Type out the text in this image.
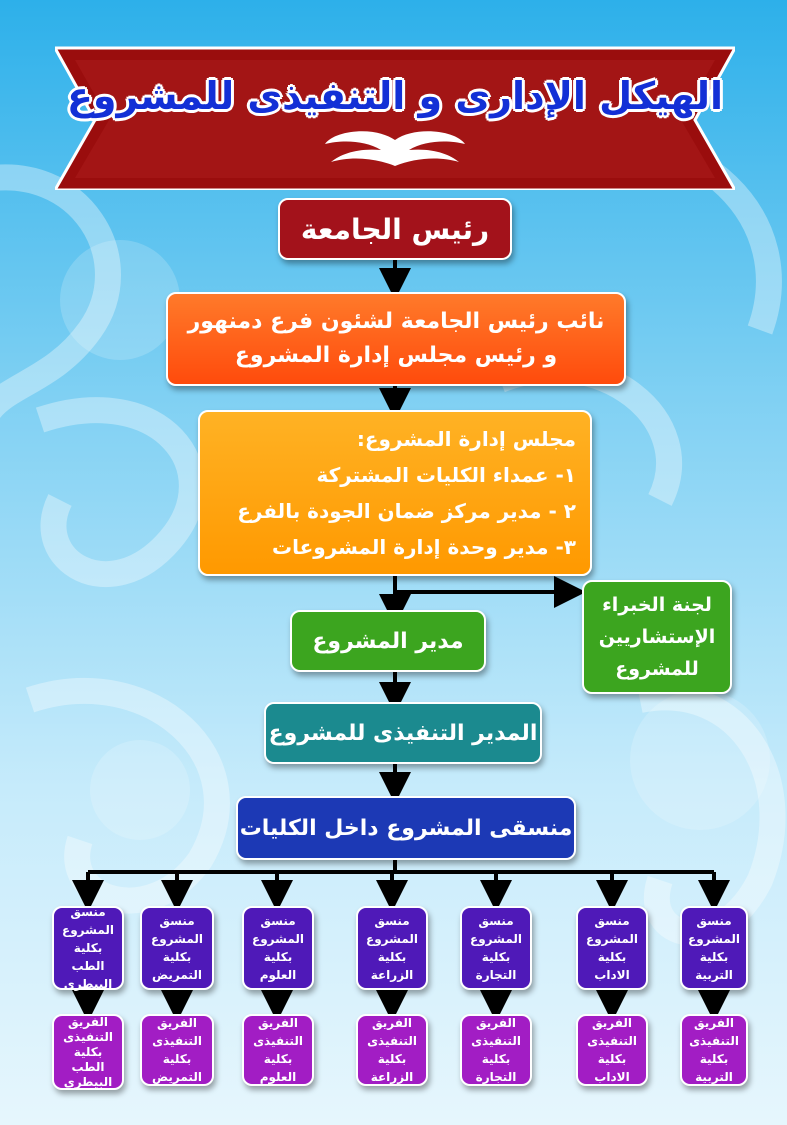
الهيكل الإدارى و التنفيذى للمشروع
رئيس الجامعة
نائب رئيس الجامعة لشئون فرع دمنهور
و رئيس مجلس إدارة المشروع
مجلس إدارة المشروع:
١- عمداء الكليات المشتركة
٢ - مدير مركز ضمان الجودة بالفرع
٣- مدير وحدة إدارة المشروعات
مدير المشروع
لجنة الخبراء
الإستشاريين
للمشروع
المدير التنفيذى للمشروع
منسقى المشروع داخل الكليات
منسق
المشروع
بكلية التربية
منسق
المشروع
بكلية الاداب
منسق
المشروع
بكلية التجارة
منسق
المشروع
بكلية الزراعة
منسق
المشروع
بكلية العلوم
منسق
المشروع
بكلية التمريض
منسق
المشروع
بكلية الطب
البيطرى
الفريق
التنفيذى
بكلية التربية
الفريق
التنفيذى
بكلية الاداب
الفريق
التنفيذى
بكلية التجارة
الفريق
التنفيذى
بكلية الزراعة
الفريق
التنفيذى
بكلية العلوم
الفريق
التنفيذى
بكلية التمريض
الفريق
التنفيذى
بكلية الطب
البيطرى
